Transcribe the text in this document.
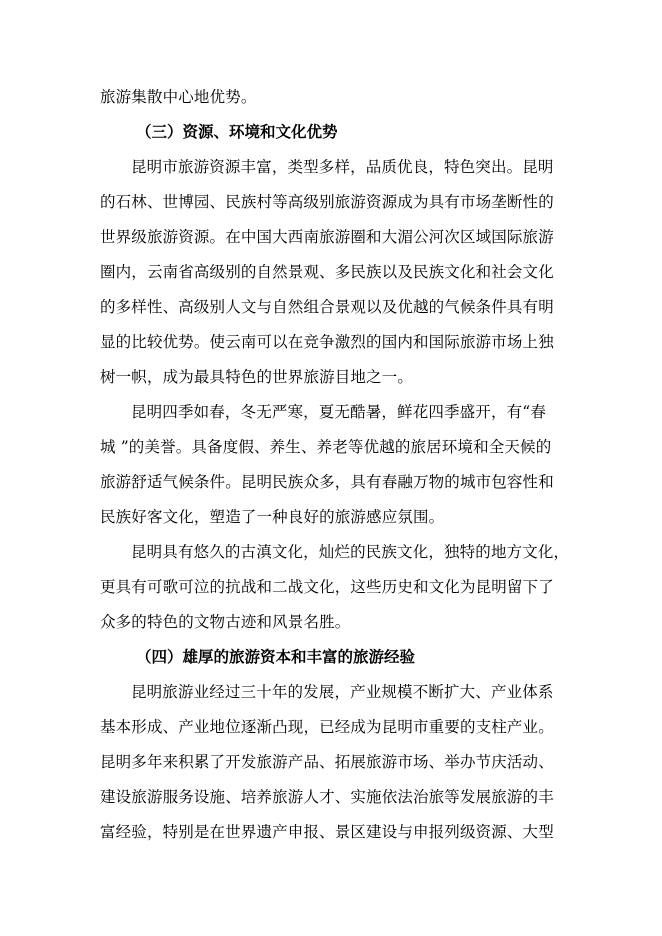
旅游集散中心地优势。
（三）资源、环境和文化优势
昆明市旅游资源丰富，类型多样，品质优良，特色突出。昆明
的石林、世博园、民族村等高级别旅游资源成为具有市场垄断性的
世界级旅游资源。在中国大西南旅游圈和大湄公河次区域国际旅游
圈内，云南省高级别的自然景观、多民族以及民族文化和社会文化
的多样性、高级别人文与自然组合景观以及优越的气候条件具有明
显的比较优势。使云南可以在竞争激烈的国内和国际旅游市场上独
树一帜，成为最具特色的世界旅游目地之一。
昆明四季如春，冬无严寒，夏无酷暑，鲜花四季盛开，有“春
城 ”的美誉。具备度假、养生、养老等优越的旅居环境和全天候的
旅游舒适气候条件。昆明民族众多，具有春融万物的城市包容性和
民族好客文化，塑造了一种良好的旅游感应氛围。
昆明具有悠久的古滇文化，灿烂的民族文化，独特的地方文化，
更具有可歌可泣的抗战和二战文化，这些历史和文化为昆明留下了
众多的特色的文物古迹和风景名胜。
（四）雄厚的旅游资本和丰富的旅游经验
昆明旅游业经过三十年的发展，产业规模不断扩大、产业体系
基本形成、产业地位逐渐凸现，已经成为昆明市重要的支柱产业。
昆明多年来积累了开发旅游产品、拓展旅游市场、举办节庆活动、
建设旅游服务设施、培养旅游人才、实施依法治旅等发展旅游的丰
富经验，特别是在世界遗产申报、景区建设与申报列级资源、大型
